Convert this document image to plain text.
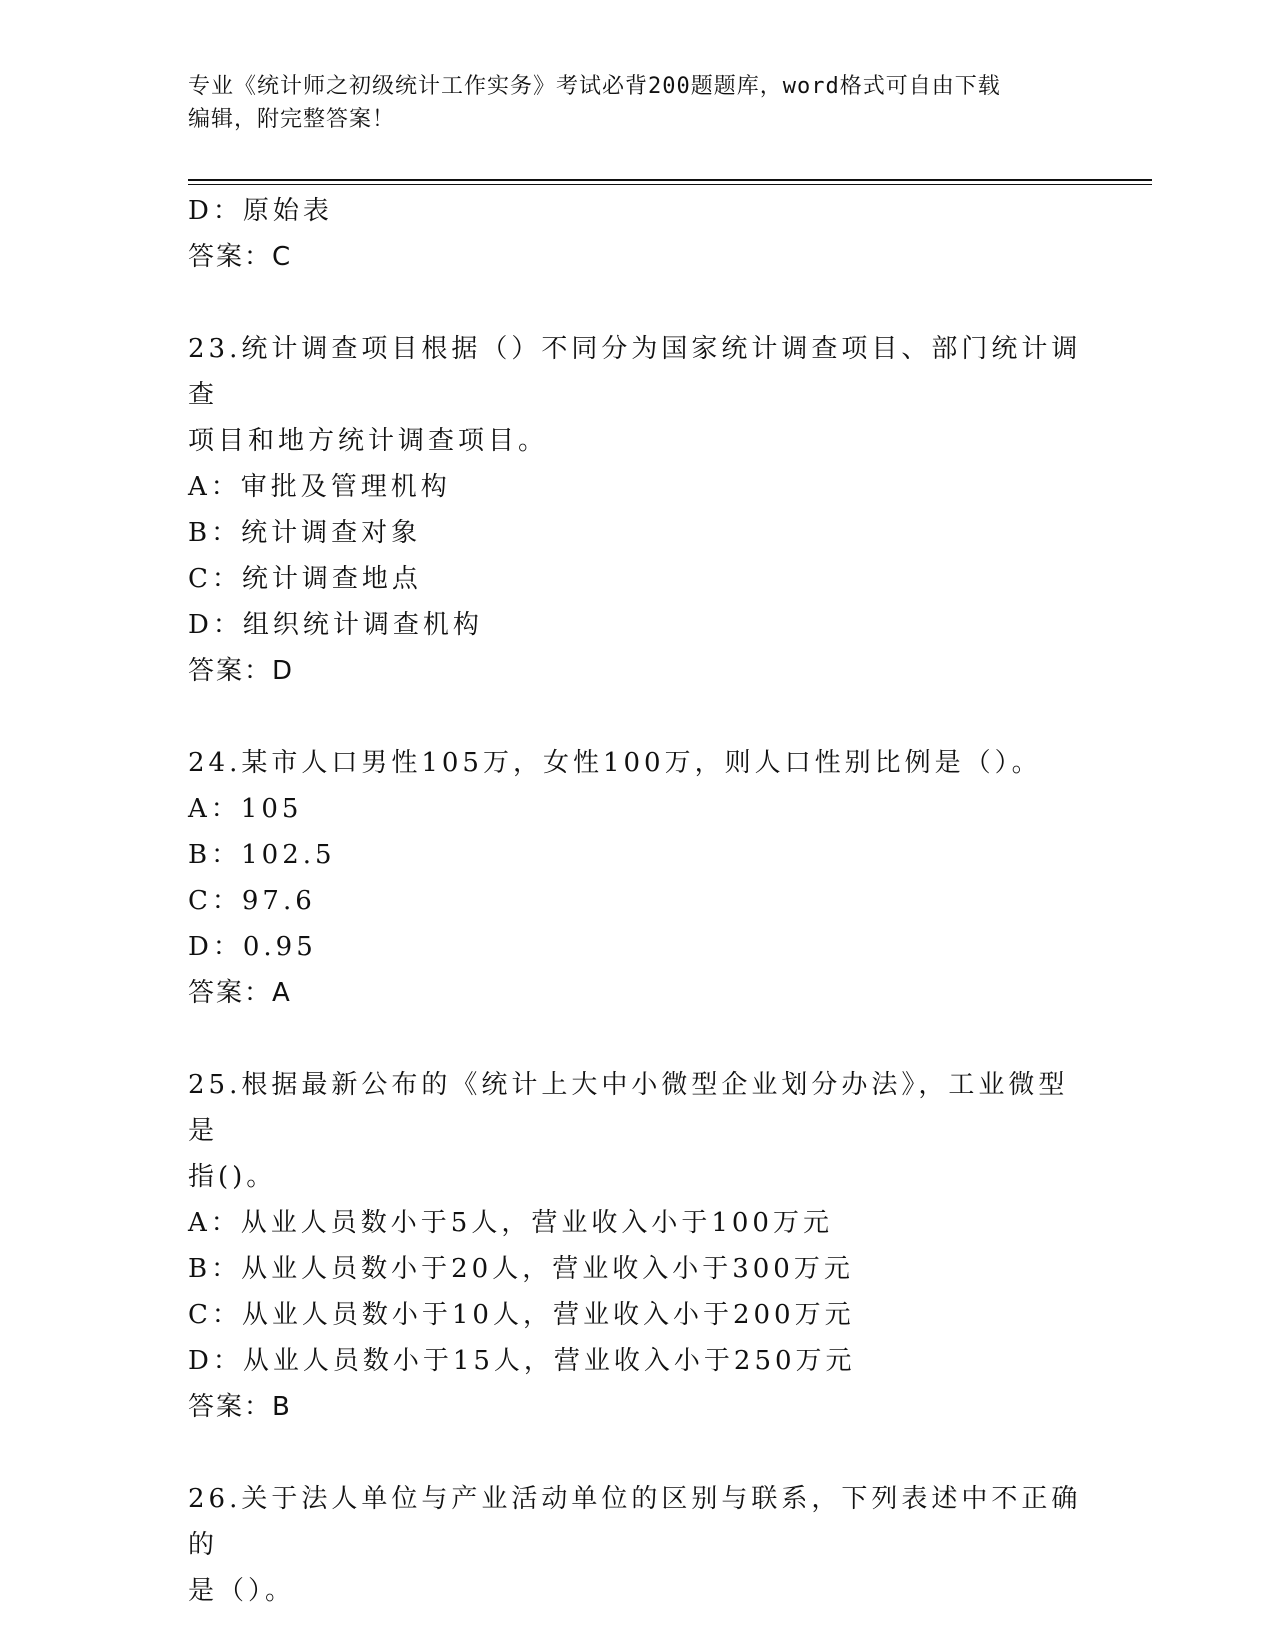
专业《统计师之初级统计工作实务》考试必背200题题库，word格式可自由下载
编辑，附完整答案！
D：原始表
答案：C
23.统计调查项目根据（）不同分为国家统计调查项目、部门统计调查
项目和地方统计调查项目。
A：审批及管理机构
B：统计调查对象
C：统计调查地点
D：组织统计调查机构
答案：D
24.某市人口男性105万，女性100万，则人口性别比例是（）。
A：105
B：102.5
C：97.6
D：0.95
答案：A
25.根据最新公布的《统计上大中小微型企业划分办法》，工业微型是
指()。
A：从业人员数小于5人，营业收入小于100万元
B：从业人员数小于20人，营业收入小于300万元
C：从业人员数小于10人，营业收入小于200万元
D：从业人员数小于15人，营业收入小于250万元
答案：B
26.关于法人单位与产业活动单位的区别与联系，下列表述中不正确的
是（）。
